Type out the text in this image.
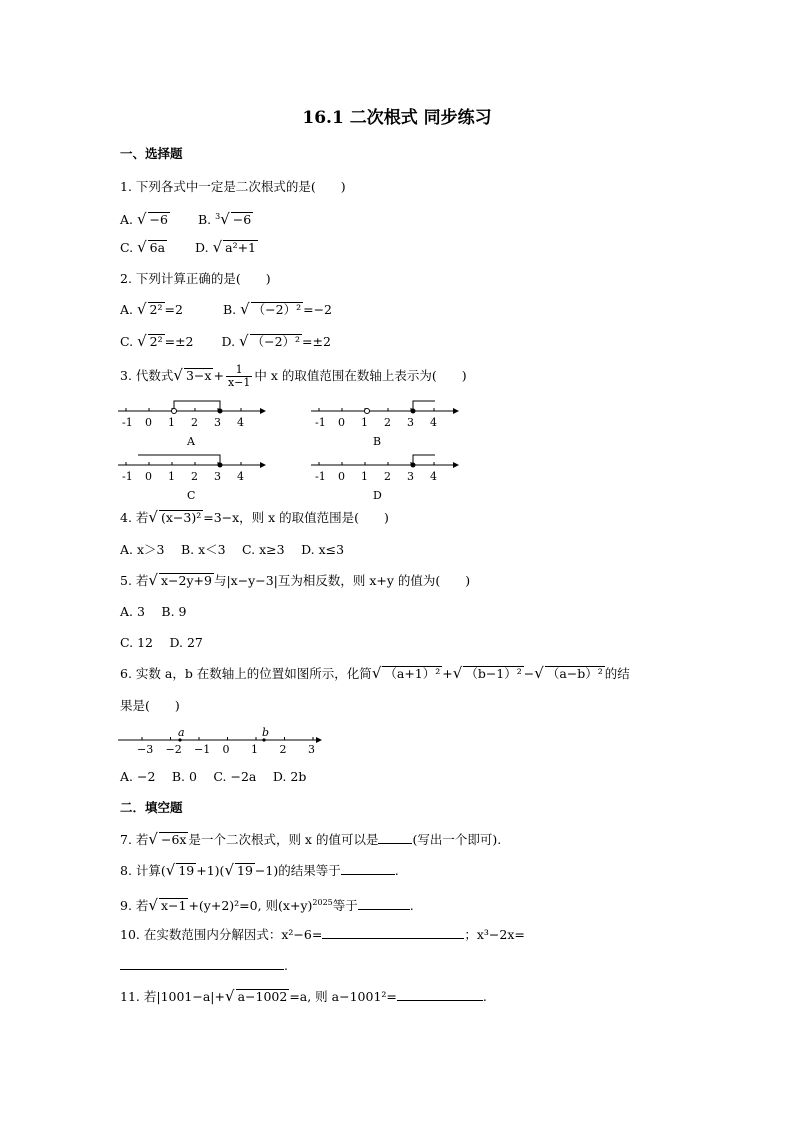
16.1 二次根式 同步练习
一、选择题
1. 下列各式中一定是二次根式的是(　　)
A. √ −6 B. $^3$√ −6
C. √ 6a D. √ a²+1
2. 下列计算正确的是(　　)
A. √ 2² =2	B. √ （−2）² =−2
C. √ 2² =±2 D. √ （−2）² =±2
3. 代数式√ $3-x + \frac{1}{x-1}$ 中 x 的取值范围在数轴上表示为(　　)
-1 0 1 2 3 4
A
-1 0 1 2 3 4
B
-1 0 1 2 3 4
C
-1 0 1 2 3 4
D
4. 若√ (x−3)² =3−x，则 x 的取值范围是(　　)
A. x＞3　 B. x＜3　 C. x≥3　 D. x≤3
5. 若√ x−2y+9 与|x−y−3|互为相反数，则 x+y 的值为(　　)
A. 3　 B. 9
C. 12　 D. 27
6. 实数 a，b 在数轴上的位置如图所示，化简√ （a+1）² +√ （b−1）² −√ （a−b）² 的结
果是(　　)
−3 −2 −1 0 1 2 3
a	b
A. −2　 B. 0　 C. −2a　 D. 2b
二．填空题
7. 若√ −6x 是一个二次根式，则 x 的值可以是	(写出一个即可).
8. 计算(√ 19 +1)(√ 19 −1)的结果等于	.
9. 若√ x−1 +(y+2)²=0, 则$(x+y)^{2025}$等于	.
10. 在实数范围内分解因式：x²−6=	；x³−2x=
.
11. 若|1001−a|+√ a−1002 =a, 则 a−1001²=	.
